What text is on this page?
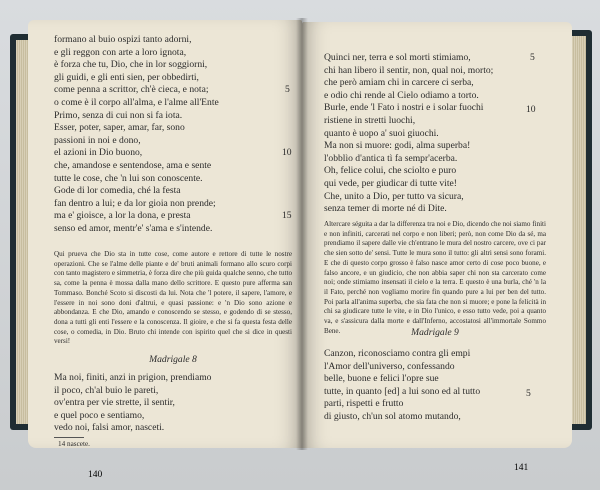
formano al buio ospizi tanto adorni,
e gli reggon con arte a loro ignota,
è forza che tu, Dio, che in lor soggiorni,
gli guidi, e gli enti sien, per obbedirti,
come penna a scrittor, ch'è cieca, e nota;
o come è il corpo all'alma, e l'alme all'Ente
Primo, senza di cui non si fa iota.
Esser, poter, saper, amar, far, sono
passioni in noi e dono,
el azioni in Dio buono,
che, amandose e sentendose, ama e sente
tutte le cose, che 'n lui son conoscente.
Gode di lor comedia, ché la festa
fan dentro a lui; e da lor gioia non prende;
ma e' gioisce, a lor la dona, e presta
senso ed amor, mentr'e' s'ama e s'intende.
5
10
15
Qui prueva che Dio sta in tutte cose, come autore e rettore di tutte le nostre operazioni. Che se l'alme delle piante e de' bruti animali formano allo scuro corpi con tanto magistero e simmetria, è forza dire che più guida qualche senno, che tutto sa, come la penna è mossa dalla mano dello scrittore. E questo pure afferma san Tommaso. Bonché Scoto si discosti da lui. Nota che 'l potere, il sapere, l'amore, e l'essere in noi sono doni d'altrui, e quasi passione: e 'n Dio sono azione e abbondanza. E che Dio, amando e conoscendo se stesso, e godendo di se stesso, dona a tutti gli enti l'essere e la conoscenza. Il gioire, e che si fa questa festa delle cose, o comedia, in Dio. Bruto chi intende con ispirito quel che si dice in questi versi!
Madrigale 8
Ma noi, finiti, anzi in prigion, prendiamo
il poco, ch'al buio le pareti,
ov'entra per vie strette, il sentir,
e quel poco e sentiamo,
vedo noi, falsi amor, nasceti.
14 nascete.
140
Quinci ner, terra e sol morti stimiamo,
chi han libero il sentir, non, qual noi, morto;
che però amiam chi in carcere ci serba,
e odio chi rende al Cielo odiamo a torto.
Burle, ende 'l Fato i nostri e i solar fuochi
ristiene in stretti luochi,
quanto è uopo a' suoi giuochi.
Ma non si muore: godi, alma superba!
l'obblìo d'antica tì fa sempr'acerba.
Oh, felice colui, che sciolto e puro
qui vede, per giudicar di tutte vite!
Che, unito a Dio, per tutto va sicura,
senza temer di morte né di Dite.
5
10
Altercare séguita a dar la differenza tra noi e Dio, dicendo che noi siamo finiti e non infiniti, carcerati nel corpo e non liberi; però, non come Dio da sé, ma prendiamo il sapere dalle vie ch'entrano le mura del nostro carcere, ove ci par che sien sotto de' sensi. Tutte le mura sono il tutto: gli altri sensi sono forami. E che di questo corpo grosso è falso nasce amor certo di cose poco buone, e falso ancore, e un giudicio, che non abbia saper chi non sta carcerato come noi; onde stimiamo insensati il cielo e la terra. E questo è una burla, ché 'n la il Fato, perché non vogliamo morire fin quando pure a lui per ben del tutto. Poi parla all'anima superba, che sia fata che non si muore; e pone la felicità in chi sa giudicare tutte le vite, e in Dio l'unico, e esso tutto vede, poi a quanto va, e s'assicura dalla morte e dall'Inferno, accostatosi all'immortale Sommo Bene.	Madrigale 9
Canzon, riconosciamo contra gli empi
l'Amor dell'universo, confessando
belle, buone e felici l'opre sue
tutte, in quanto [ed] a lui sono ed al tutto
parti, rispetti e frutto
di giusto, ch'un sol atomo mutando,
5
141
